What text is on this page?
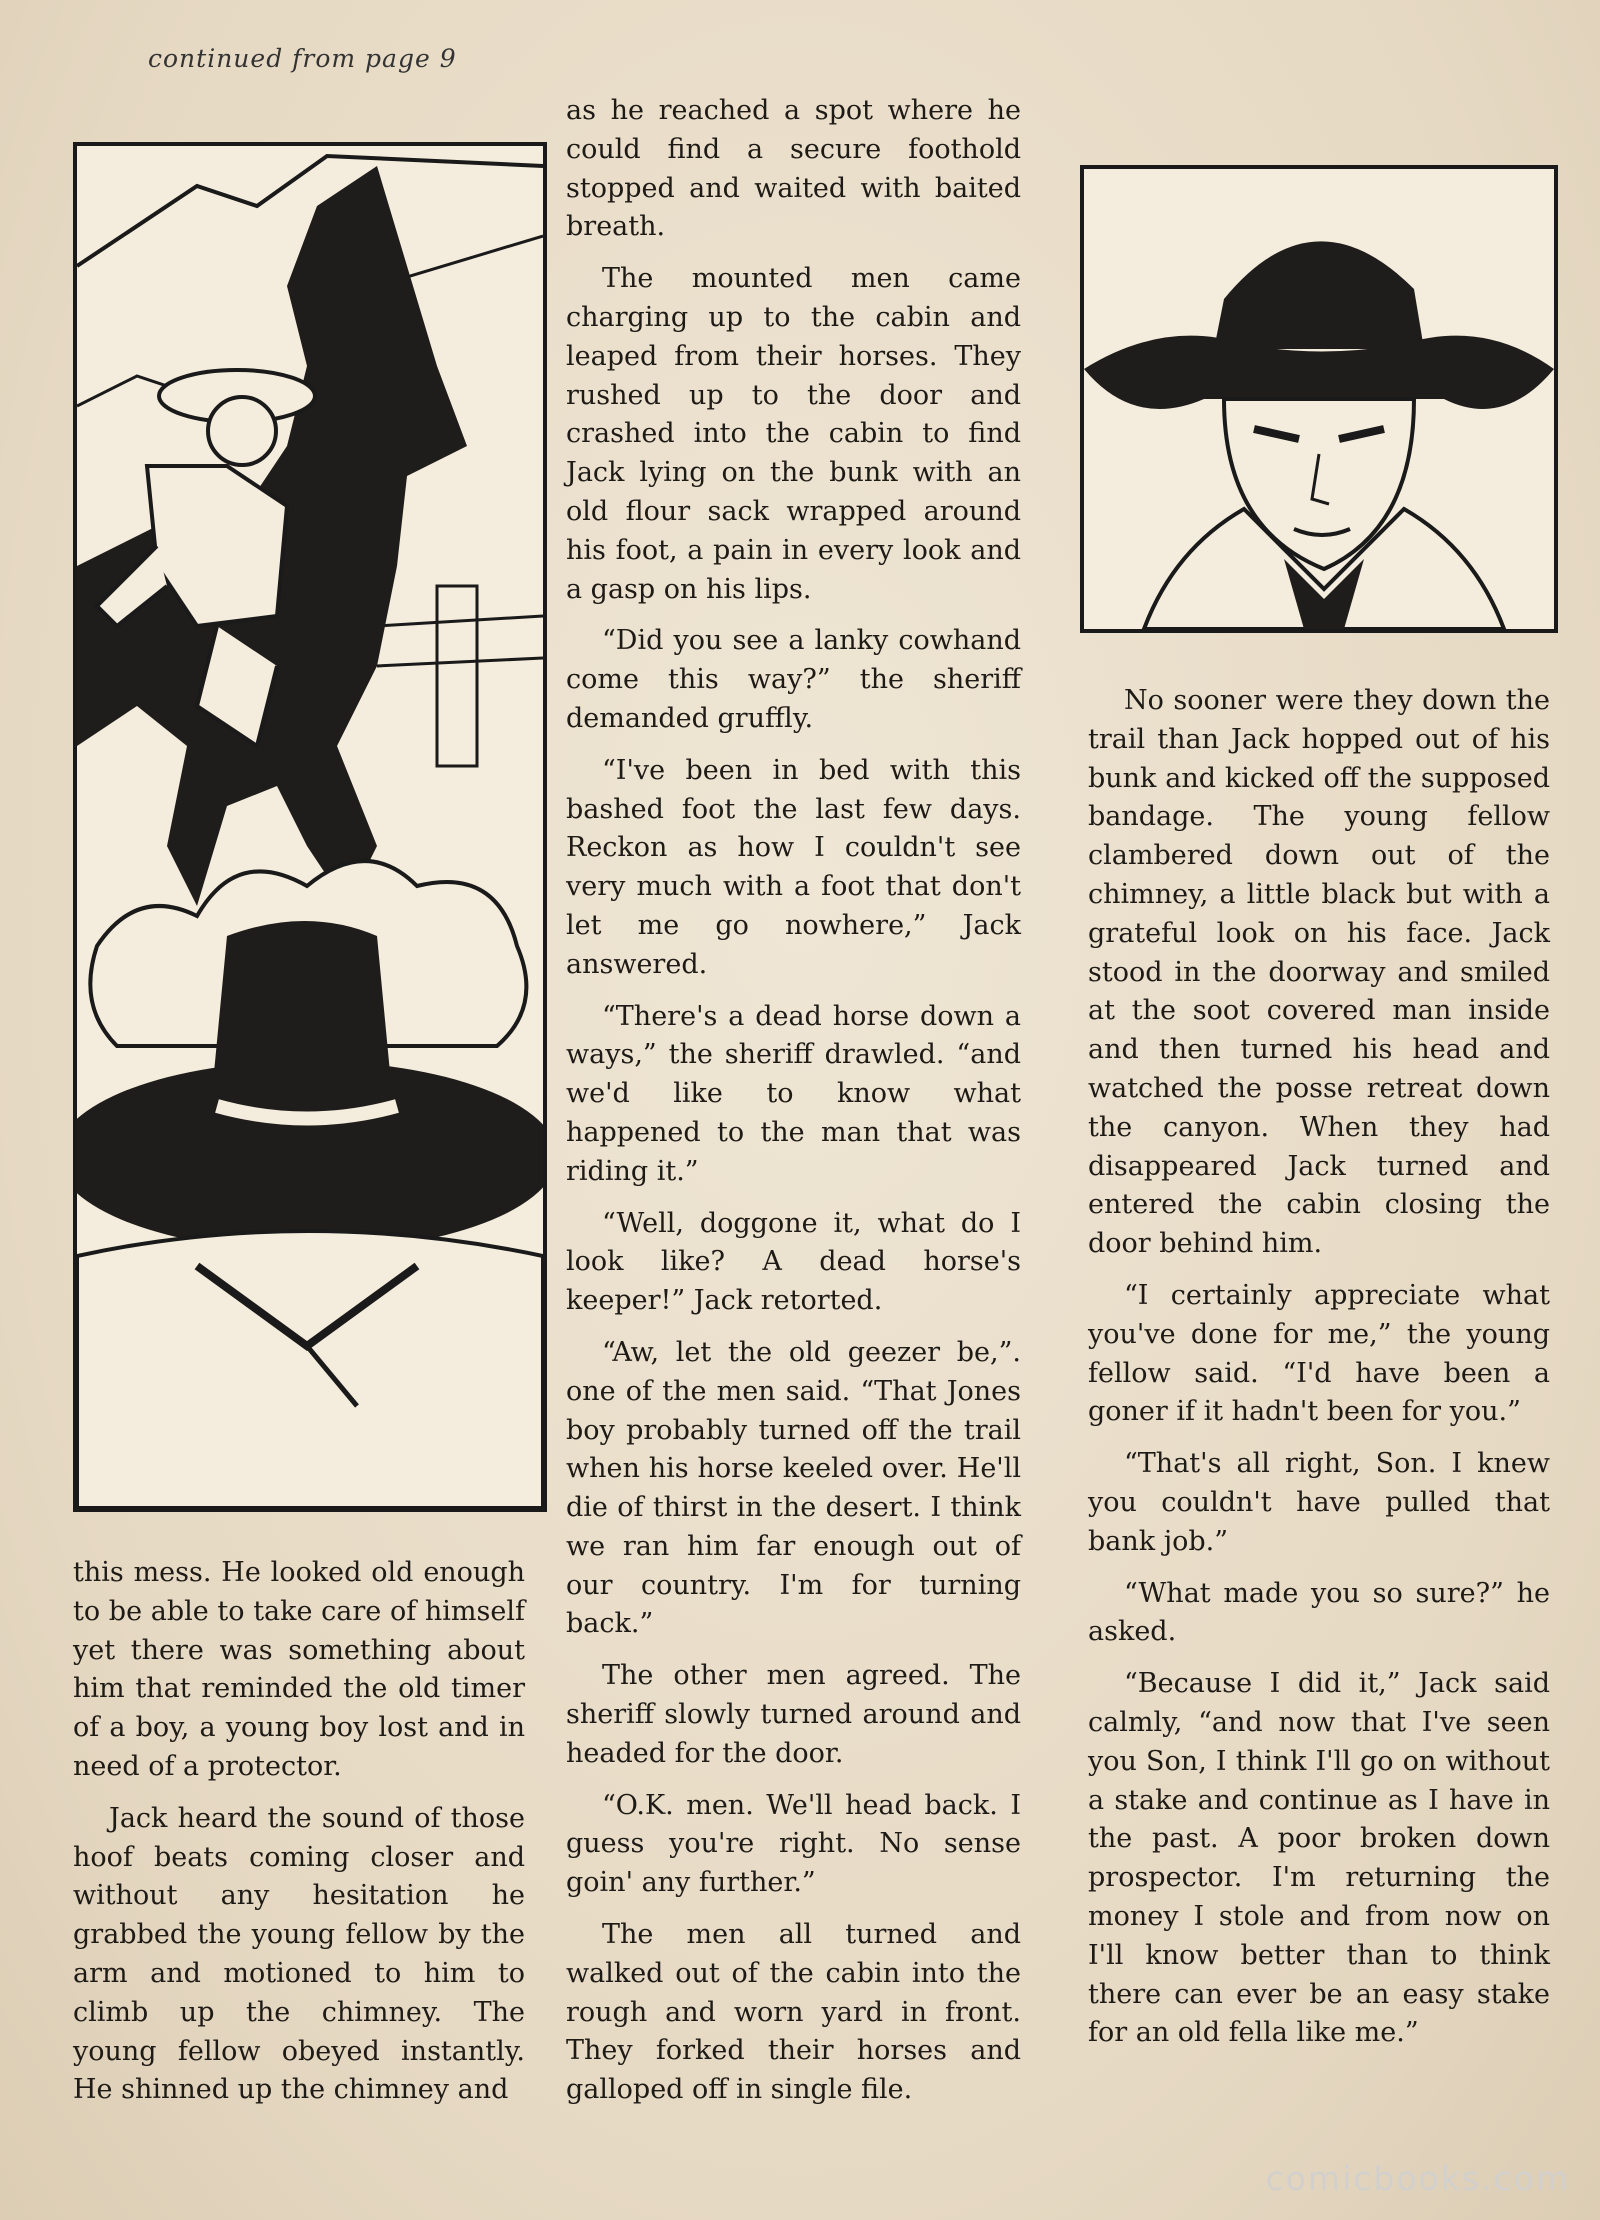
continued from page 9

this mess. He looked old enough to be able to take care of himself yet there was something about him that reminded the old timer of a boy, a young boy lost and in need of a protector.

Jack heard the sound of those hoof beats coming closer and without any hesitation he grabbed the young fellow by the arm and motioned to him to climb up the chimney. The young fellow obeyed instantly. He shinned up the chimney and

as he reached a spot where he could find a secure foothold stopped and waited with baited breath.

The mounted men came charging up to the cabin and leaped from their horses. They rushed up to the door and crashed into the cabin to find Jack lying on the bunk with an old flour sack wrapped around his foot, a pain in every look and a gasp on his lips.

“Did you see a lanky cowhand come this way?” the sheriff demanded gruffly.

“I've been in bed with this bashed foot the last few days. Reckon as how I couldn't see very much with a foot that don't let me go nowhere,” Jack answered.

“There's a dead horse down a ways,” the sheriff drawled. “and we'd like to know what happened to the man that was riding it.”

“Well, doggone it, what do I look like? A dead horse's keeper!” Jack retorted.

“Aw, let the old geezer be,”. one of the men said. “That Jones boy probably turned off the trail when his horse keeled over. He'll die of thirst in the desert. I think we ran him far enough out of our country. I'm for turning back.”

The other men agreed. The sheriff slowly turned around and headed for the door.

“O.K. men. We'll head back. I guess you're right. No sense goin' any further.”

The men all turned and walked out of the cabin into the rough and worn yard in front. They forked their horses and galloped off in single file.

No sooner were they down the trail than Jack hopped out of his bunk and kicked off the supposed bandage. The young fellow clambered down out of the chimney, a little black but with a grateful look on his face. Jack stood in the doorway and smiled at the soot covered man inside and then turned his head and watched the posse retreat down the canyon. When they had disappeared Jack turned and entered the cabin closing the door behind him.

“I certainly appreciate what you've done for me,” the young fellow said. “I'd have been a goner if it hadn't been for you.”

“That's all right, Son. I knew you couldn't have pulled that bank job.”

“What made you so sure?” he asked.

“Because I did it,” Jack said calmly, “and now that I've seen you Son, I think I'll go on without a stake and continue as I have in the past. A poor broken down prospector. I'm returning the money I stole and from now on I'll know better than to think there can ever be an easy stake for an old fella like me.”

comicbooks.com
